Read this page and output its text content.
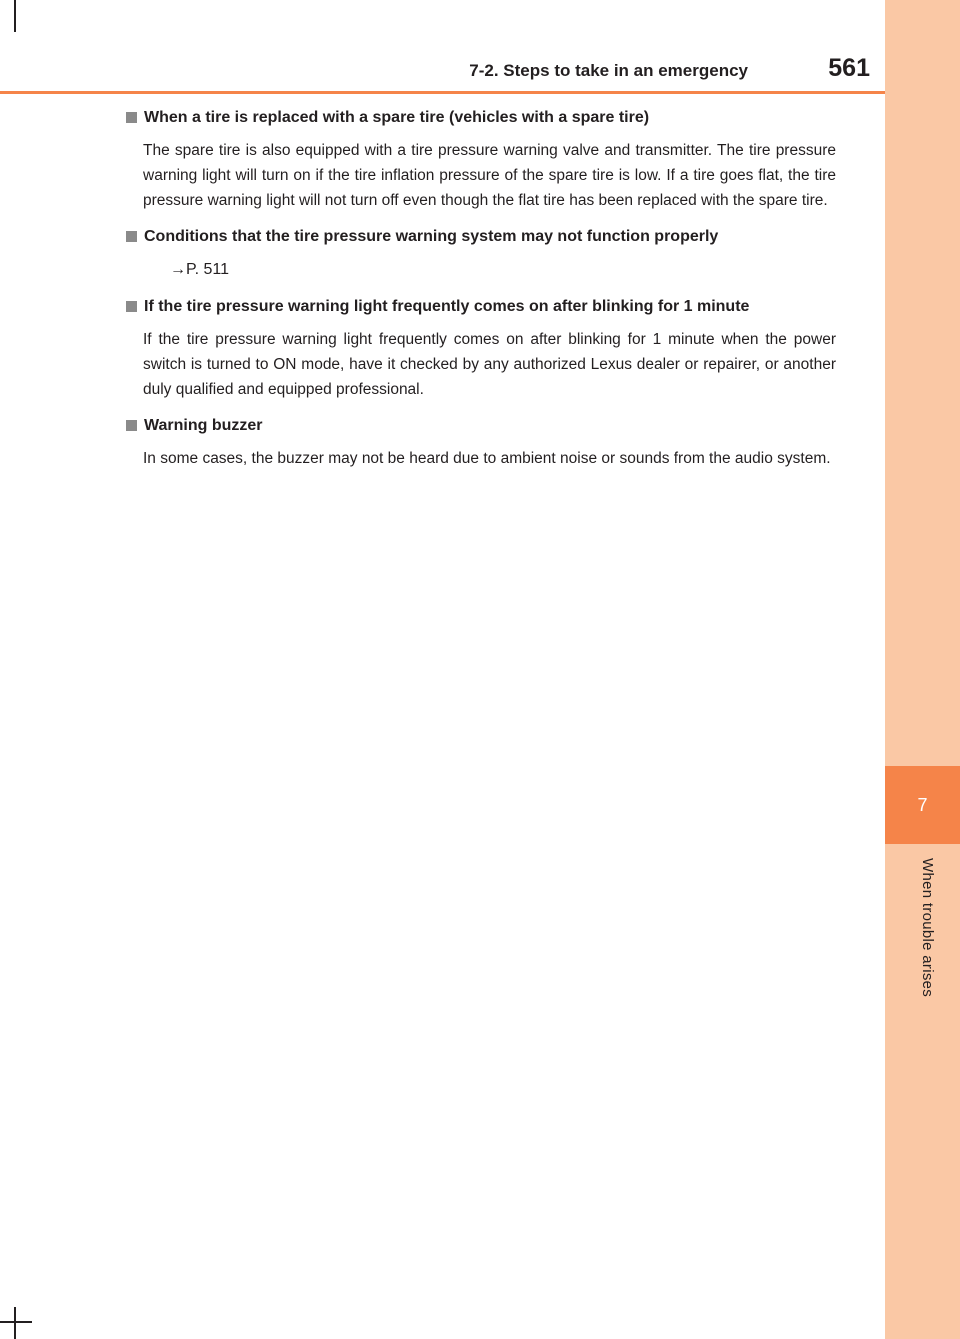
7
When trouble arises
7-2. Steps to take in an emergency	561
When a tire is replaced with a spare tire (vehicles with a spare tire)

The spare tire is also equipped with a tire pressure warning valve and transmitter. The tire pressure warning light will turn on if the tire inflation pressure of the spare tire is low. If a tire goes flat, the tire pressure warning light will not turn off even though the flat tire has been replaced with the spare tire.

Conditions that the tire pressure warning system may not function properly

→P. 511

If the tire pressure warning light frequently comes on after blinking for 1 minute

If the tire pressure warning light frequently comes on after blinking for 1 minute when the power switch is turned to ON mode, have it checked by any authorized Lexus dealer or repairer, or another duly qualified and equipped professional.

Warning buzzer

In some cases, the buzzer may not be heard due to ambient noise or sounds from the audio system.
